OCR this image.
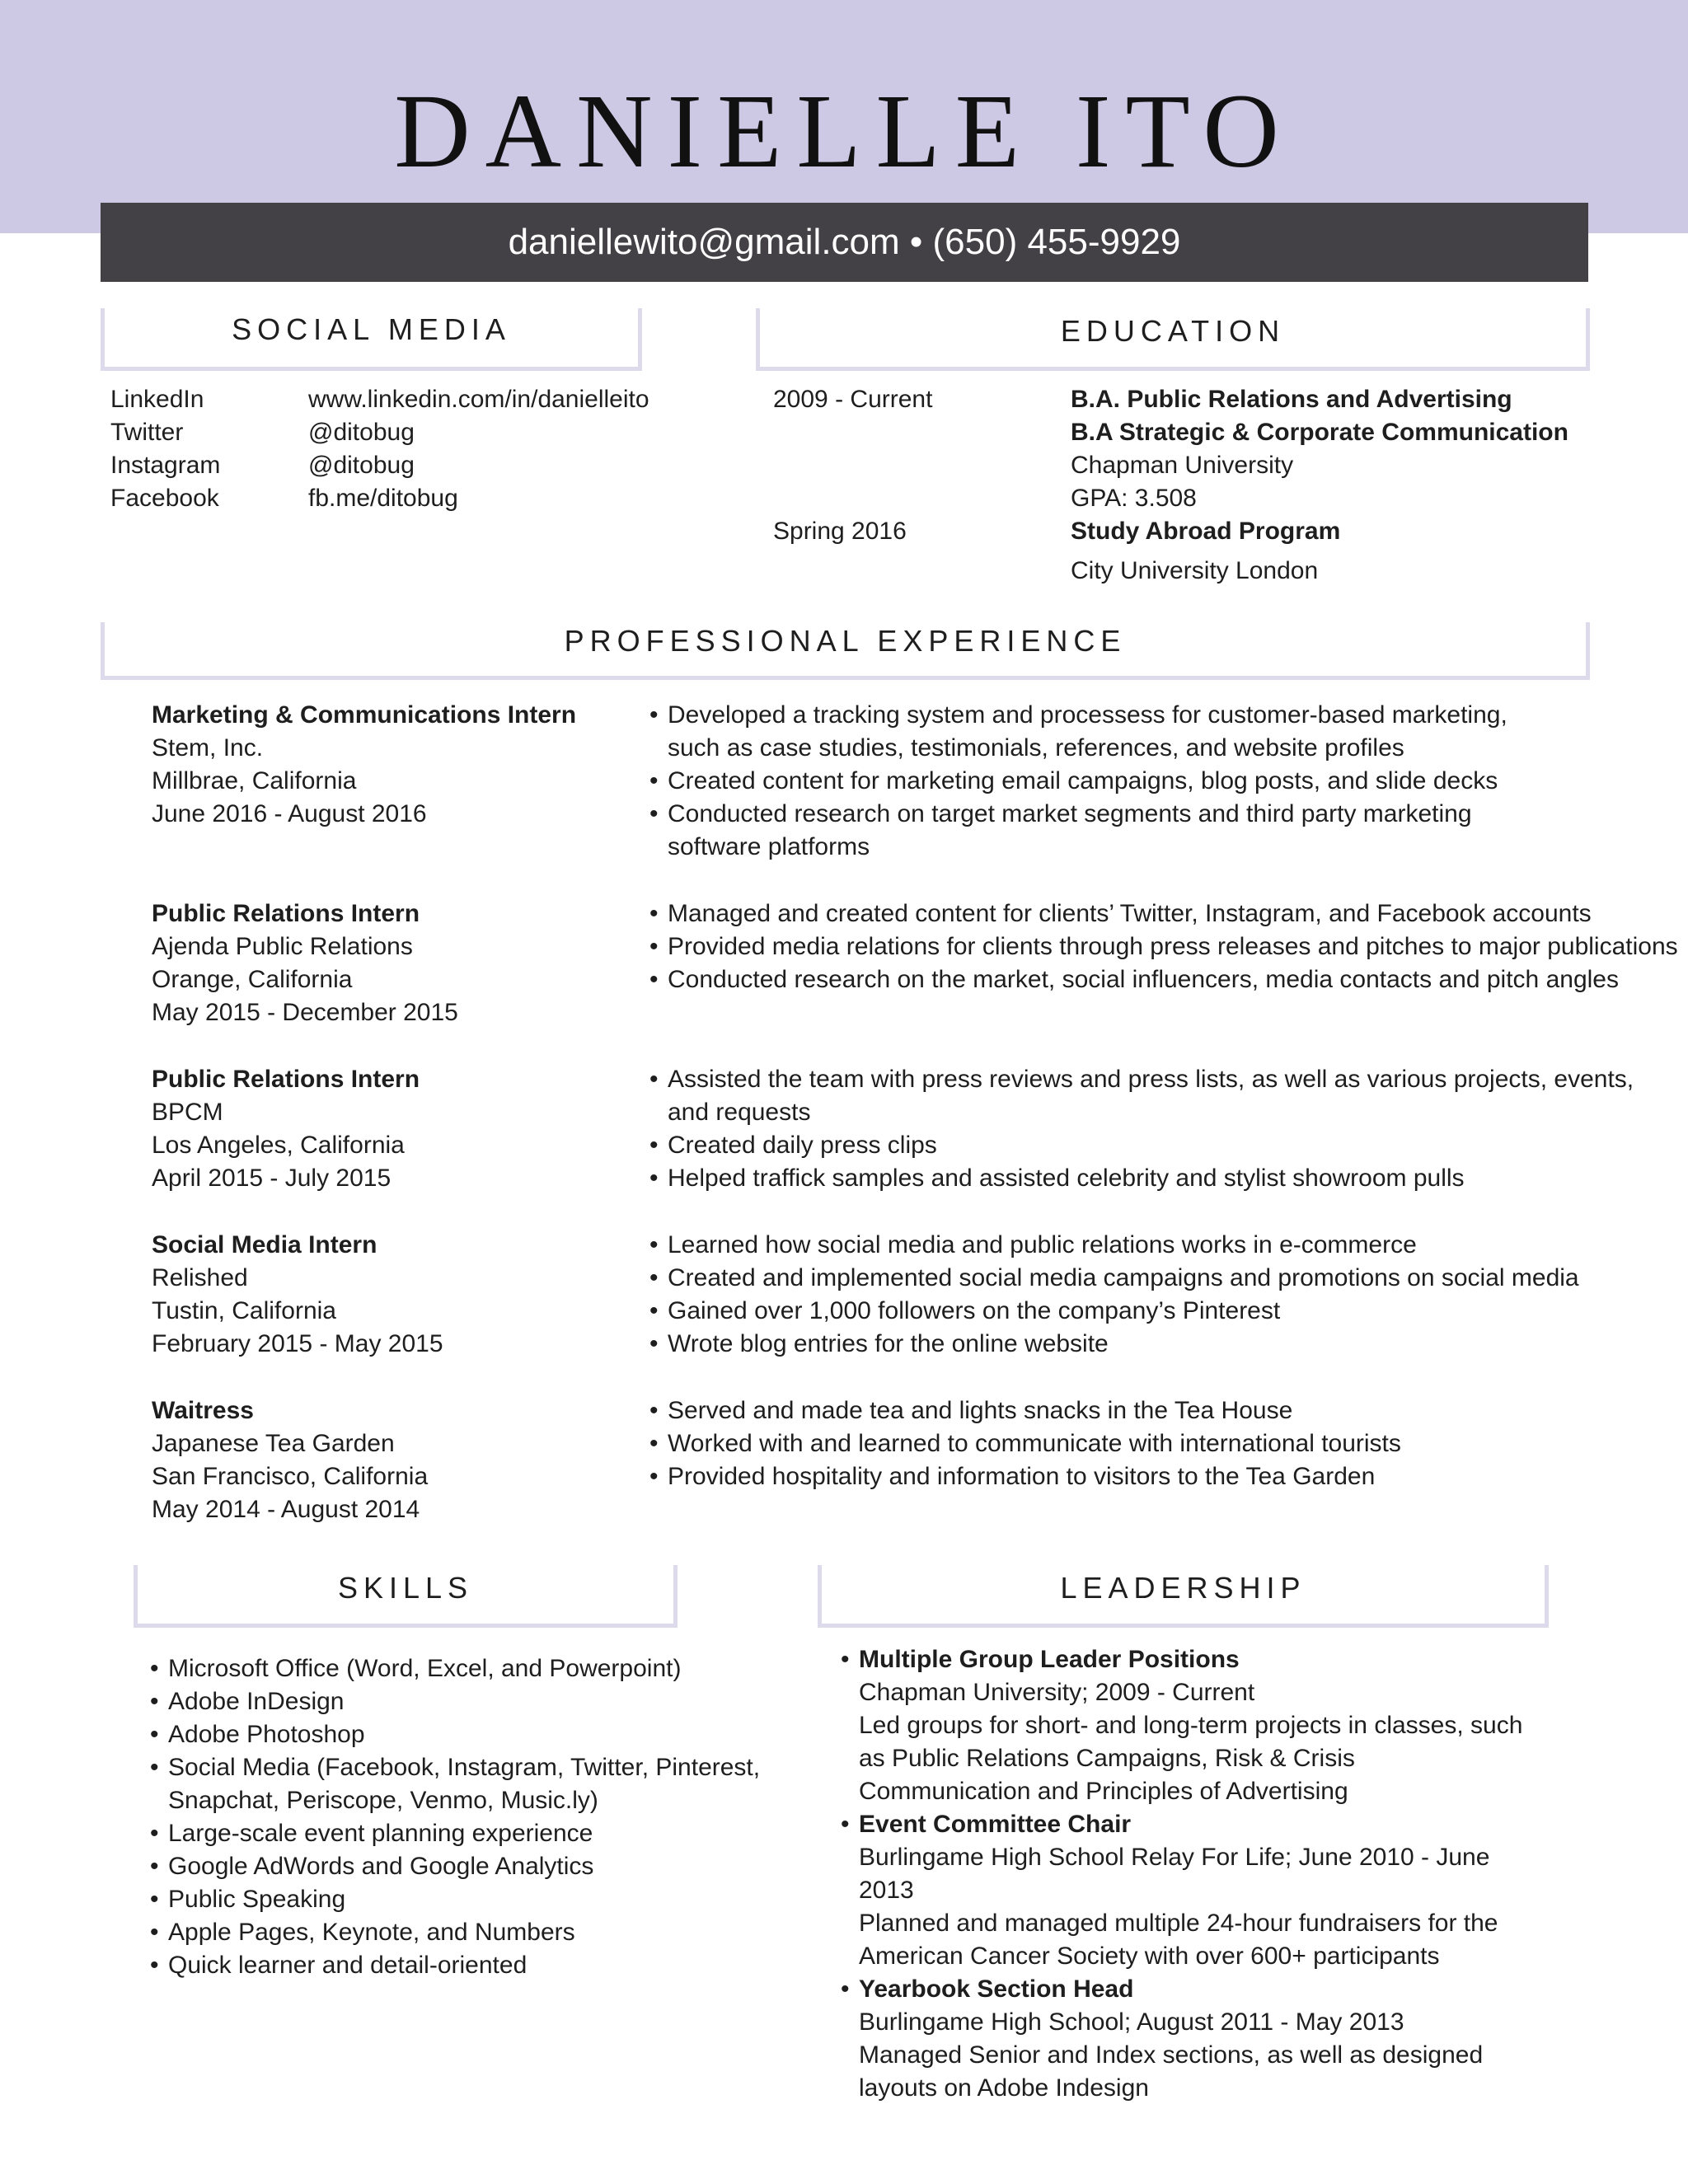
DANIELLE ITO
daniellewito@gmail.com • (650) 455-9929
SOCIAL MEDIA
LinkedIn
Twitter
Instagram
Facebook
www.linkedin.com/in/danielleito
@ditobug
@ditobug
fb.me/ditobug
EDUCATION
2009 - Current	B.A. Public Relations and Advertising
B.A Strategic & Corporate Communication
Chapman University
GPA: 3.508
Study Abroad Program
City University London
Spring 2016
PROFESSIONAL EXPERIENCE
Marketing & Communications Intern
Stem, Inc.
Millbrae, California
June 2016 - August 2016
• Developed a tracking system and processess for customer-based marketing,
such as case studies, testimonials, references, and website profiles
• Created content for marketing email campaigns, blog posts, and slide decks
• Conducted research on target market segments and third party marketing
software platforms
Public Relations Intern
Ajenda Public Relations
Orange, California
May 2015 - December 2015
• Managed and created content for clients’ Twitter, Instagram, and Facebook accounts
• Provided media relations for clients through press releases and pitches to major publications
• Conducted research on the market, social influencers, media contacts and pitch angles
Public Relations Intern
BPCM
Los Angeles, California
April 2015 - July 2015
• Assisted the team with press reviews and press lists, as well as various projects, events,
and requests
• Created daily press clips
• Helped traffick samples and assisted celebrity and stylist showroom pulls
Social Media Intern
Relished
Tustin, California
February 2015 - May 2015
• Learned how social media and public relations works in e-commerce
• Created and implemented social media campaigns and promotions on social media
• Gained over 1,000 followers on the company’s Pinterest
• Wrote blog entries for the online website
Waitress
Japanese Tea Garden
San Francisco, California
May 2014 - August 2014
• Served and made tea and lights snacks in the Tea House
• Worked with and learned to communicate with international tourists
• Provided hospitality and information to visitors to the Tea Garden
SKILLS
• Microsoft Office (Word, Excel, and Powerpoint)
• Adobe InDesign
• Adobe Photoshop
• Social Media (Facebook, Instagram, Twitter, Pinterest,
Snapchat, Periscope, Venmo, Music.ly)
• Large-scale event planning experience
• Google AdWords and Google Analytics
• Public Speaking
• Apple Pages, Keynote, and Numbers
• Quick learner and detail-oriented
LEADERSHIP
• Multiple Group Leader Positions
Chapman University; 2009 - Current
Led groups for short- and long-term projects in classes, such as Public Relations Campaigns, Risk & Crisis Communication and Principles of Advertising
• Event Committee Chair
Burlingame High School Relay For Life; June 2010 - June 2013
Planned and managed multiple 24-hour fundraisers for the American Cancer Society with over 600+ participants
• Yearbook Section Head
Burlingame High School; August 2011 - May 2013
Managed Senior and Index sections, as well as designed layouts on Adobe Indesign
